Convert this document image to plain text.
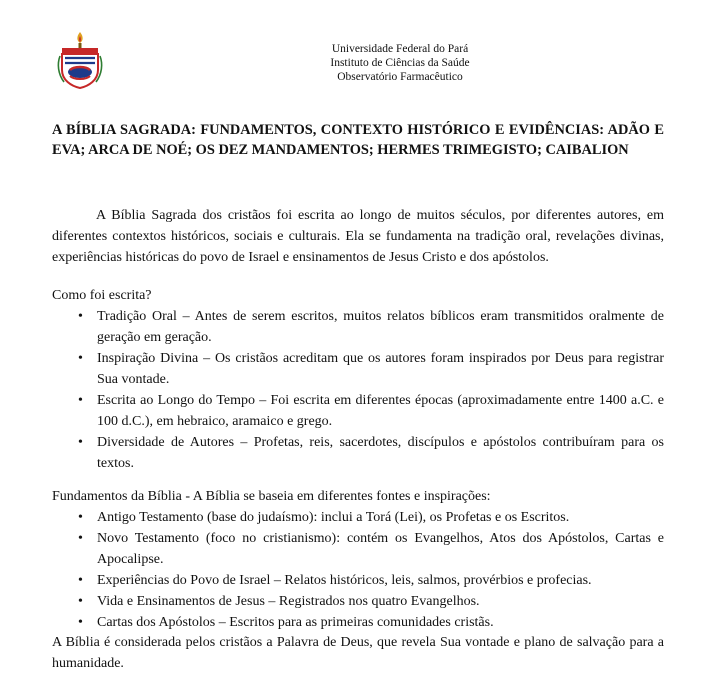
Universidade Federal do Pará
Instituto de Ciências da Saúde
Observatório Farmacêutico

A BÍBLIA SAGRADA: FUNDAMENTOS, CONTEXTO HISTÓRICO E EVIDÊNCIAS: ADÃO E EVA; ARCA DE NOÉ; OS DEZ MANDAMENTOS; HERMES TRIMEGISTO; CAIBALION

A Bíblia Sagrada dos cristãos foi escrita ao longo de muitos séculos, por diferentes autores, em diferentes contextos históricos, sociais e culturais. Ela se fundamenta na tradição oral, revelações divinas, experiências históricas do povo de Israel e ensinamentos de Jesus Cristo e dos apóstolos.

Como foi escrita?

• Tradição Oral – Antes de serem escritos, muitos relatos bíblicos eram transmitidos oralmente de geração em geração.
• Inspiração Divina – Os cristãos acreditam que os autores foram inspirados por Deus para registrar Sua vontade.
• Escrita ao Longo do Tempo – Foi escrita em diferentes épocas (aproximadamente entre 1400 a.C. e 100 d.C.), em hebraico, aramaico e grego.
• Diversidade de Autores – Profetas, reis, sacerdotes, discípulos e apóstolos contribuíram para os textos.

Fundamentos da Bíblia - A Bíblia se baseia em diferentes fontes e inspirações:

• Antigo Testamento (base do judaísmo): inclui a Torá (Lei), os Profetas e os Escritos.
• Novo Testamento (foco no cristianismo): contém os Evangelhos, Atos dos Apóstolos, Cartas e Apocalipse.
• Experiências do Povo de Israel – Relatos históricos, leis, salmos, provérbios e profecias.
• Vida e Ensinamentos de Jesus – Registrados nos quatro Evangelhos.
• Cartas dos Apóstolos – Escritos para as primeiras comunidades cristãs.

A Bíblia é considerada pelos cristãos a Palavra de Deus, que revela Sua vontade e plano de salvação para a humanidade.
